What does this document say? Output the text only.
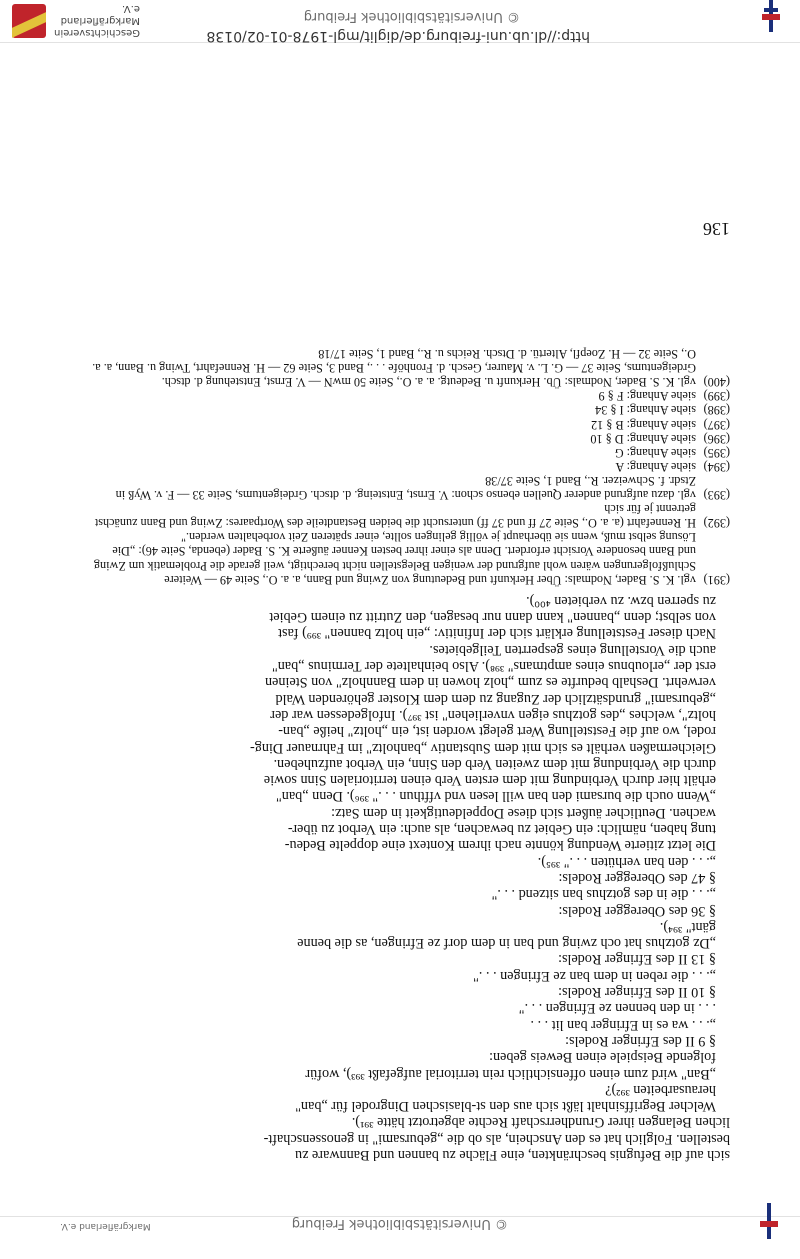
http://dl.ub.uni-freiburg.de/diglit/mgl-1978-01-02/0138
© Universitätsbibliothek Freiburg
Geschichtsverein
Markgräflerland e.V.
© Universitätsbibliothek Freiburg
Markgräflerland e.V.
sich auf die Befugnis beschränkten, eine Fläche zu bannen und Bannware zu
bestellen. Folglich hat es den Anschein, als ob die „gebursami" in genossenschaft-
lichen Belangen ihrer Grundherrschaft Rechte abgetrotzt hätte ³⁹¹).
Welcher Begriffsinhalt läßt sich aus den st-blasischen Dingrodel für „ban"
herausarbeiten ³⁹²)?
„Ban" wird zum einen offensichtlich rein territorial aufgefaßt ³⁹³), wofür
folgende Beispiele einen Beweis geben:
§ 9 II des Efringer Rodels:
„. . . wa es in Efringer ban lit . . .
. . . in den bennen ze Efringen . . ."
§ 10 II des Efringer Rodels:
„. . . die reben in dem ban ze Efringen . . ."
§ 13 II des Efringer Rodels:
„Dz gotzhus hat och zwing und ban in dem dorf ze Efringen, as die benne
gänt" ³⁹⁴).
§ 36 des Oberegger Rodels:
„. . . die in des gotzhus ban sitzend . . ."
§ 47 des Oberegger Rodels:
„. . . den ban verhüten . . ." ³⁹⁵).
Die letzt zitierte Wendung könnte nach ihrem Kontext eine doppelte Bedeu-
tung haben, nämlich: ein Gebiet zu bewachen, als auch: ein Verbot zu über-
wachen. Deutlicher äußert sich diese Doppeldeutigkeit in dem Satz:
„Wenn ouch die bursami den ban will lesen vnd vffthun . . ." ³⁹⁶). Denn „ban"
erhält hier durch Verbindung mit dem ersten Verb einen territorialen Sinn sowie
durch die Verbindung mit dem zweiten Verb den Sinn, ein Verbot aufzuheben.
Gleichermaßen verhält es sich mit dem Substantiv „banholtz" im Fahrnauer Ding-
rodel, wo auf die Feststellung Wert gelegt worden ist, ein „holtz" heiße „ban-
holtz", welches „des gotzhus eigen vnverliehen" ist ³⁹⁷). Infolgedessen war der
„gebursami" grundsätzlich der Zugang zu dem dem Kloster gehörenden Wald
verwehrt. Deshalb bedurfte es zum „holz howen in dem Bannholz" von Steinen
erst der „erloubnus eines amptmans" ³⁹⁸). Also beinhaltete der Terminus „ban"
auch die Vorstellung eines gesperrten Teilgebietes.
Nach dieser Feststellung erklärt sich der Infinitiv: „ein holtz bannen" ³⁹⁹) fast
von selbst; denn „bannen" kann dann nur besagen, den Zutritt zu einem Gebiet
zu sperren bzw. zu verbieten ⁴⁰⁰).
(391)
vgl. K. S. Bader, Nodmals: Über Herkunft und Bedeutung von Zwing und Bann, a. a. O., Seite 49 — Weitere Schlußfolgerungen wären wohl aufgrund der wenigen Belegstellen nicht berechtigt, weil gerade die Problematik um Zwing und Bann besondere Vorsicht erfordert. Denn als einer ihrer besten Kenner äußerte K. S. Bader (ebenda, Seite 46): „Die Lösung selbst muß, wenn sie überhaupt je völlig gelingen sollte, einer späteren Zeit vorbehalten werden."
(392)
H. Rennefahrt (a. a. O., Seite 27 ff und 37 ff) untersucht die beiden Bestandteile des Wortpaares: Zwing und Bann zunächst getrennt je für sich
(393)
vgl. dazu aufgrund anderer Quellen ebenso schon: V. Ernst, Entsteing. d. dtsch. Grdeigentums, Seite 33 — F. v. Wyß in Ztsdr. f. Schweizer. R., Band 1, Seite 37/38
(394)
siehe Anhang: A
(395)
siehe Anhang: G
(396)
siehe Anhang: D § 10
(397)
siehe Anhang: B § 12
(398)
siehe Anhang: I § 34
(399)
siehe Anhang: F § 9
(400)
vgl. K. S. Bader, Nodmals: Üb. Herkunft u. Bedeutg. a. a. O., Seite 50 mwN — V. Ernst, Entstehung d. dtsch. Grdeigentums, Seite 37 — G. L. v. Maurer, Gesch. d. Fronhöfe . . ., Band 3, Seite 62 — H. Rennefahrt, Twing u. Bann, a. a. O., Seite 32 — H. Zoepfl, Altertü. d. Dtsch. Reichs u. R., Band 1, Seite 17/18
136
